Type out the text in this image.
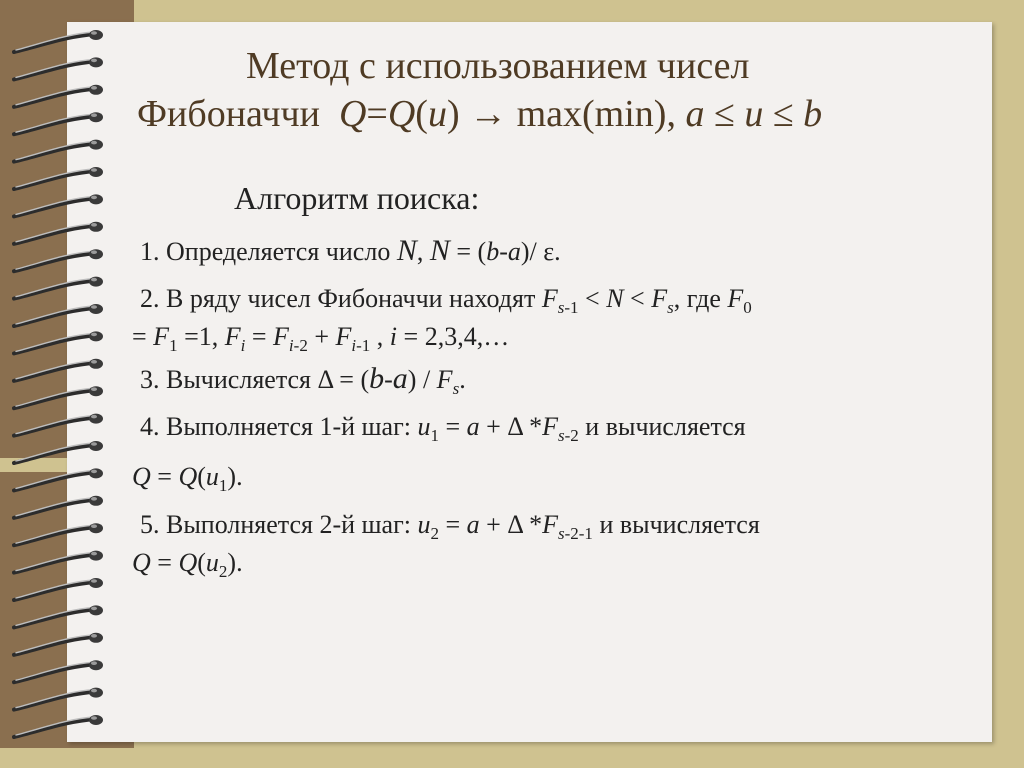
Метод с использованием чисел
Фибоначчи Q=Q(u) → max(min), a ≤ u ≤ b
Алгоритм поиска:
1. Определяется число N, N = (b-a)/ ε.
2. В ряду чисел Фибоначчи находят $F_{s-1} < N < F_s$, где $F_0$
= $F_1 =1$, $F_i = F_{i-2} + F_{i-1}$ , i = 2,3,4,…
3. Вычисляется $\Delta = (b-a) / F_s$.
4. Выполняется 1-й шаг: $u_1 = a + \Delta$ $*F_{s-2}$ и вычисляется
$Q = Q(u_1)$.
5. Выполняется 2-й шаг: $u_2 = a + \Delta$ $*F_{s-2-1}$ и вычисляется
$Q = Q(u_2)$.
